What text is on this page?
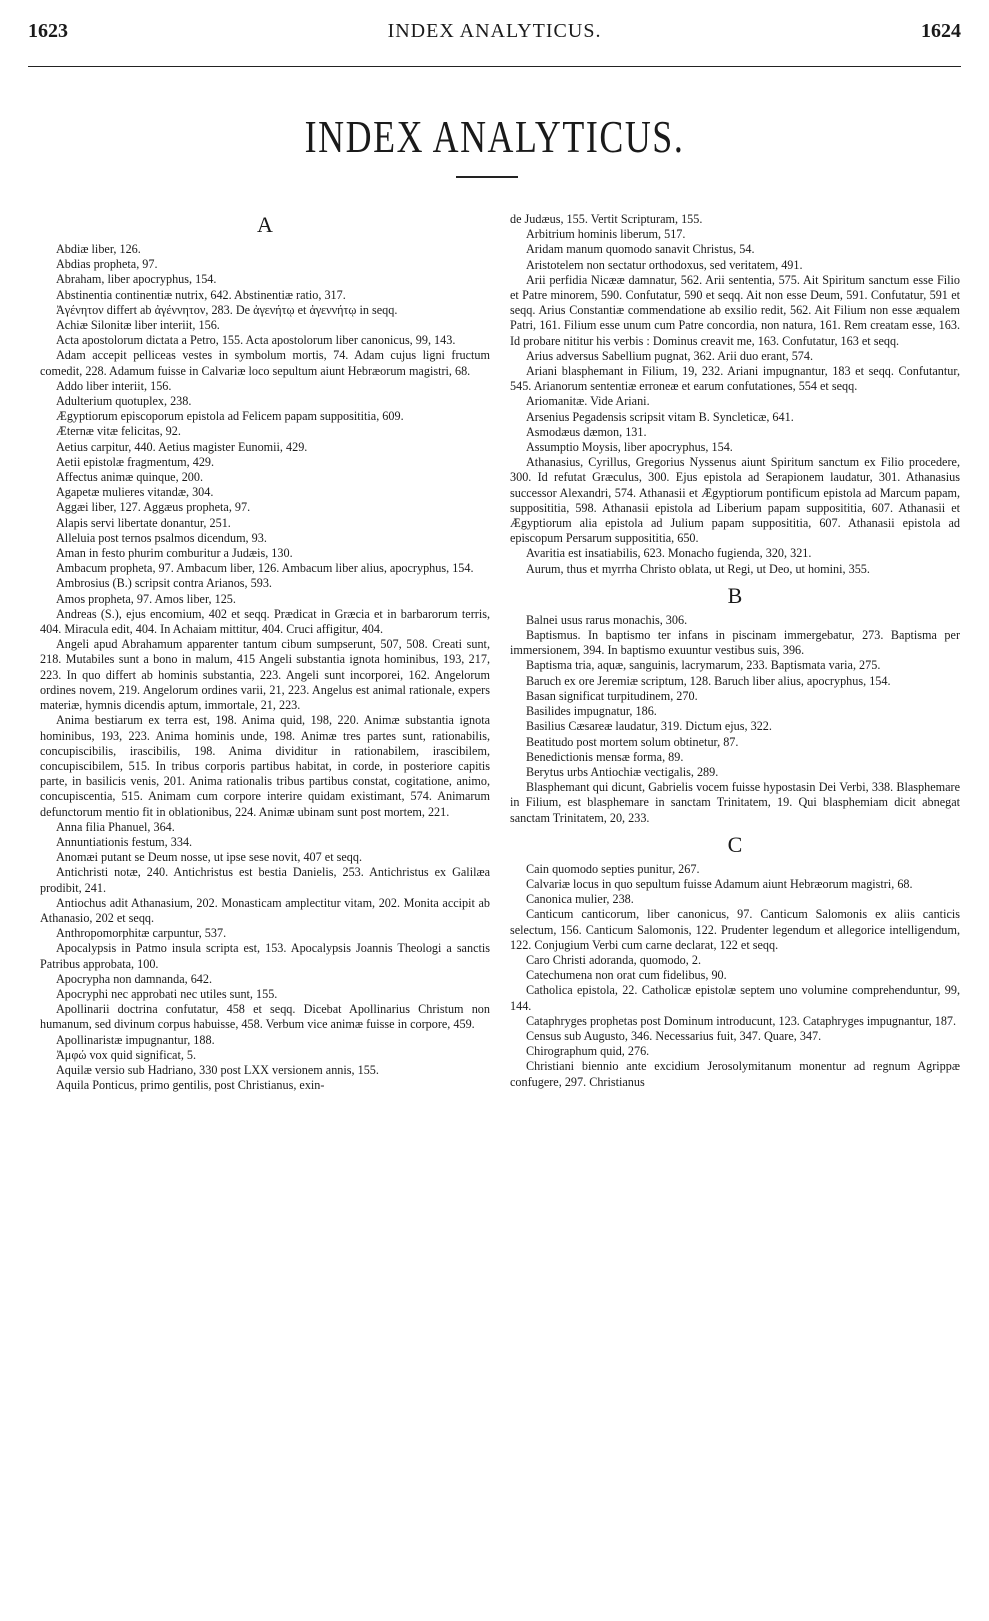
1623	INDEX ANALYTICUS.	1624
INDEX ANALYTICUS.
A

Abdiæ liber, 126.

Abdias propheta, 97.

Abraham, liber apocryphus, 154.

Abstinentia continentiæ nutrix, 642. Abstinentiæ ratio, 317.

Ἀγένητον differt ab ἀγέννητον, 283. De ἀγενήτῳ et ἀγεννήτῳ in seqq.

Achiæ Silonitæ liber interiit, 156.

Acta apostolorum dictata a Petro, 155. Acta apostolorum liber canonicus, 99, 143.

Adam accepit pelliceas vestes in symbolum mortis, 74. Adam cujus ligni fructum comedit, 228. Adamum fuisse in Calvariæ loco sepultum aiunt Hebræorum magistri, 68.

Addo liber interiit, 156.

Adulterium quotuplex, 238.

Ægyptiorum episcoporum epistola ad Felicem papam supposititia, 609.

Æternæ vitæ felicitas, 92.

Aetius carpitur, 440. Aetius magister Eunomii, 429.

Aetii epistolæ fragmentum, 429.

Affectus animæ quinque, 200.

Agapetæ mulieres vitandæ, 304.

Aggæi liber, 127. Aggæus propheta, 97.

Alapis servi libertate donantur, 251.

Alleluia post ternos psalmos dicendum, 93.

Aman in festo phurim comburitur a Judæis, 130.

Ambacum propheta, 97. Ambacum liber, 126. Ambacum liber alius, apocryphus, 154.

Ambrosius (B.) scripsit contra Arianos, 593.

Amos propheta, 97. Amos liber, 125.

Andreas (S.), ejus encomium, 402 et seqq. Prædicat in Græcia et in barbarorum terris, 404. Miracula edit, 404. In Achaiam mittitur, 404. Cruci affigitur, 404.

Angeli apud Abrahamum apparenter tantum cibum sumpserunt, 507, 508. Creati sunt, 218. Mutabiles sunt a bono in malum, 415 Angeli substantia ignota hominibus, 193, 217, 223. In quo differt ab hominis substantia, 223. Angeli sunt incorporei, 162. Angelorum ordines novem, 219. Angelorum ordines varii, 21, 223. Angelus est animal rationale, expers materiæ, hymnis dicendis aptum, immortale, 21, 223.

Anima bestiarum ex terra est, 198. Anima quid, 198, 220. Animæ substantia ignota hominibus, 193, 223. Anima hominis unde, 198. Animæ tres partes sunt, rationabilis, concupiscibilis, irascibilis, 198. Anima dividitur in rationabilem, irascibilem, concupiscibilem, 515. In tribus corporis partibus habitat, in corde, in posteriore capitis parte, in basilicis venis, 201. Anima rationalis tribus partibus constat, cogitatione, animo, concupiscentia, 515. Animam cum corpore interire quidam existimant, 574. Animarum defunctorum mentio fit in oblationibus, 224. Animæ ubinam sunt post mortem, 221.

Anna filia Phanuel, 364.

Annuntiationis festum, 334.

Anomæi putant se Deum nosse, ut ipse sese novit, 407 et seqq.

Antichristi notæ, 240. Antichristus est bestia Danielis, 253. Antichristus ex Galilæa prodibit, 241.

Antiochus adit Athanasium, 202. Monasticam amplectitur vitam, 202. Monita accipit ab Athanasio, 202 et seqq.

Anthropomorphitæ carpuntur, 537.

Apocalypsis in Patmo insula scripta est, 153. Apocalypsis Joannis Theologi a sanctis Patribus approbata, 100.

Apocrypha non damnanda, 642.

Apocryphi nec approbati nec utiles sunt, 155.

Apollinarii doctrina confutatur, 458 et seqq. Dicebat Apollinarius Christum non humanum, sed divinum corpus habuisse, 458. Verbum vice animæ fuisse in corpore, 459.

Apollinaristæ impugnantur, 188.

Ἀμφώ vox quid significat, 5.

Aquilæ versio sub Hadriano, 330 post LXX versionem annis, 155.

Aquila Ponticus, primo gentilis, post Christianus, exin-

de Judæus, 155. Vertit Scripturam, 155.

Arbitrium hominis liberum, 517.

Aridam manum quomodo sanavit Christus, 54.

Aristotelem non sectatur orthodoxus, sed veritatem, 491.

Arii perfidia Nicææ damnatur, 562. Arii sententia, 575. Ait Spiritum sanctum esse Filio et Patre minorem, 590. Confutatur, 590 et seqq. Ait non esse Deum, 591. Confutatur, 591 et seqq. Arius Constantiæ commendatione ab exsilio redit, 562. Ait Filium non esse æqualem Patri, 161. Filium esse unum cum Patre concordia, non natura, 161. Rem creatam esse, 163. Id probare nititur his verbis : Dominus creavit me, 163. Confutatur, 163 et seqq.

Arius adversus Sabellium pugnat, 362. Arii duo erant, 574.

Ariani blasphemant in Filium, 19, 232. Ariani impugnantur, 183 et seqq. Confutantur, 545. Arianorum sententiæ erroneæ et earum confutationes, 554 et seqq.

Ariomanitæ. Vide Ariani.

Arsenius Pegadensis scripsit vitam B. Syncleticæ, 641.

Asmodæus dæmon, 131.

Assumptio Moysis, liber apocryphus, 154.

Athanasius, Cyrillus, Gregorius Nyssenus aiunt Spiritum sanctum ex Filio procedere, 300. Id refutat Græculus, 300. Ejus epistola ad Serapionem laudatur, 301. Athanasius successor Alexandri, 574. Athanasii et Ægyptiorum pontificum epistola ad Marcum papam, supposititia, 598. Athanasii epistola ad Liberium papam supposititia, 607. Athanasii et Ægyptiorum alia epistola ad Julium papam supposititia, 607. Athanasii epistola ad episcopum Persarum supposititia, 650.

Avaritia est insatiabilis, 623. Monacho fugienda, 320, 321.

Aurum, thus et myrrha Christo oblata, ut Regi, ut Deo, ut homini, 355.

B

Balnei usus rarus monachis, 306.

Baptismus. In baptismo ter infans in piscinam immergebatur, 273. Baptisma per immersionem, 394. In baptismo exuuntur vestibus suis, 396.

Baptisma tria, aquæ, sanguinis, lacrymarum, 233. Baptismata varia, 275.

Baruch ex ore Jeremiæ scriptum, 128. Baruch liber alius, apocryphus, 154.

Basan significat turpitudinem, 270.

Basilides impugnatur, 186.

Basilius Cæsareæ laudatur, 319. Dictum ejus, 322.

Beatitudo post mortem solum obtinetur, 87.

Benedictionis mensæ forma, 89.

Berytus urbs Antiochiæ vectigalis, 289.

Blasphemant qui dicunt, Gabrielis vocem fuisse hypostasin Dei Verbi, 338. Blasphemare in Filium, est blasphemare in sanctam Trinitatem, 19. Qui blasphemiam dicit abnegat sanctam Trinitatem, 20, 233.

C

Cain quomodo septies punitur, 267.

Calvariæ locus in quo sepultum fuisse Adamum aiunt Hebræorum magistri, 68.

Canonica mulier, 238.

Canticum canticorum, liber canonicus, 97. Canticum Salomonis ex aliis canticis selectum, 156. Canticum Salomonis, 122. Prudenter legendum et allegorice intelligendum, 122. Conjugium Verbi cum carne declarat, 122 et seqq.

Caro Christi adoranda, quomodo, 2.

Catechumena non orat cum fidelibus, 90.

Catholica epistola, 22. Catholicæ epistolæ septem uno volumine comprehenduntur, 99, 144.

Cataphryges prophetas post Dominum introducunt, 123. Cataphryges impugnantur, 187.

Census sub Augusto, 346. Necessarius fuit, 347. Quare, 347.

Chirographum quid, 276.

Christiani biennio ante excidium Jerosolymitanum monentur ad regnum Agrippæ confugere, 297. Christianus
